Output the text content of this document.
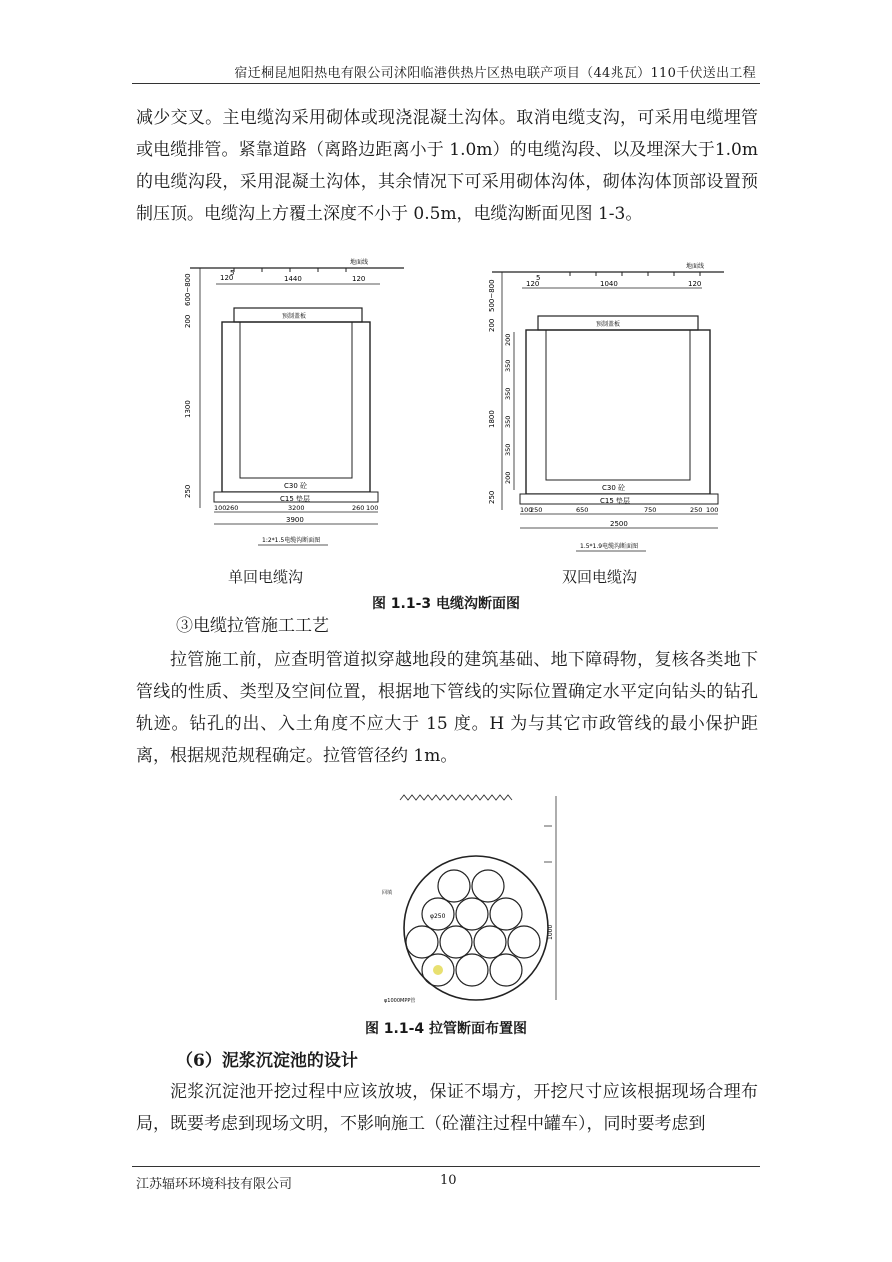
宿迁桐昆旭阳热电有限公司沭阳临港供热片区热电联产项目（44兆瓦）110千伏送出工程

减少交叉。主电缆沟采用砌体或现浇混凝土沟体。取消电缆支沟，可采用电缆埋管或电缆排管。紧靠道路（离路边距离小于 1.0m）的电缆沟段、以及埋深大于1.0m的电缆沟段，采用混凝土沟体，其余情况下可采用砌体沟体，砌体沟体顶部设置预制压顶。电缆沟上方覆土深度不小于 0.5m，电缆沟断面见图 1-3。

地面线
120
5
1440	120
600~800
200
1300
250
预制盖板
C30 砼
C15 垫层
100 260	3200	260 100
3900
1:2*1.5电缆沟断面图
地面线
120
5
1040	120
500~800
200
1800
250
200
350
350
350
350
200
预制盖板
C30 砼
C15 垫层
100
250	650	750	250 100
2500
1.5*1.9电缆沟断面图
单回电缆沟	双回电缆沟
图 1.1-3 电缆沟断面图
③电缆拉管施工工艺

拉管施工前，应查明管道拟穿越地段的建筑基础、地下障碍物，复核各类地下管线的性质、类型及空间位置，根据地下管线的实际位置确定水平定向钻头的钻孔轨迹。钻孔的出、入土角度不应大于 15 度。H 为与其它市政管线的最小保护距离，根据规范规程确定。拉管管径约 1m。

1000
回填
φ250
φ1000MPP管
图 1.1-4 拉管断面布置图
（6）泥浆沉淀池的设计

泥浆沉淀池开挖过程中应该放坡，保证不塌方，开挖尺寸应该根据现场合理布局，既要考虑到现场文明，不影响施工（砼灌注过程中罐车），同时要考虑到

江苏辐环环境科技有限公司	10
